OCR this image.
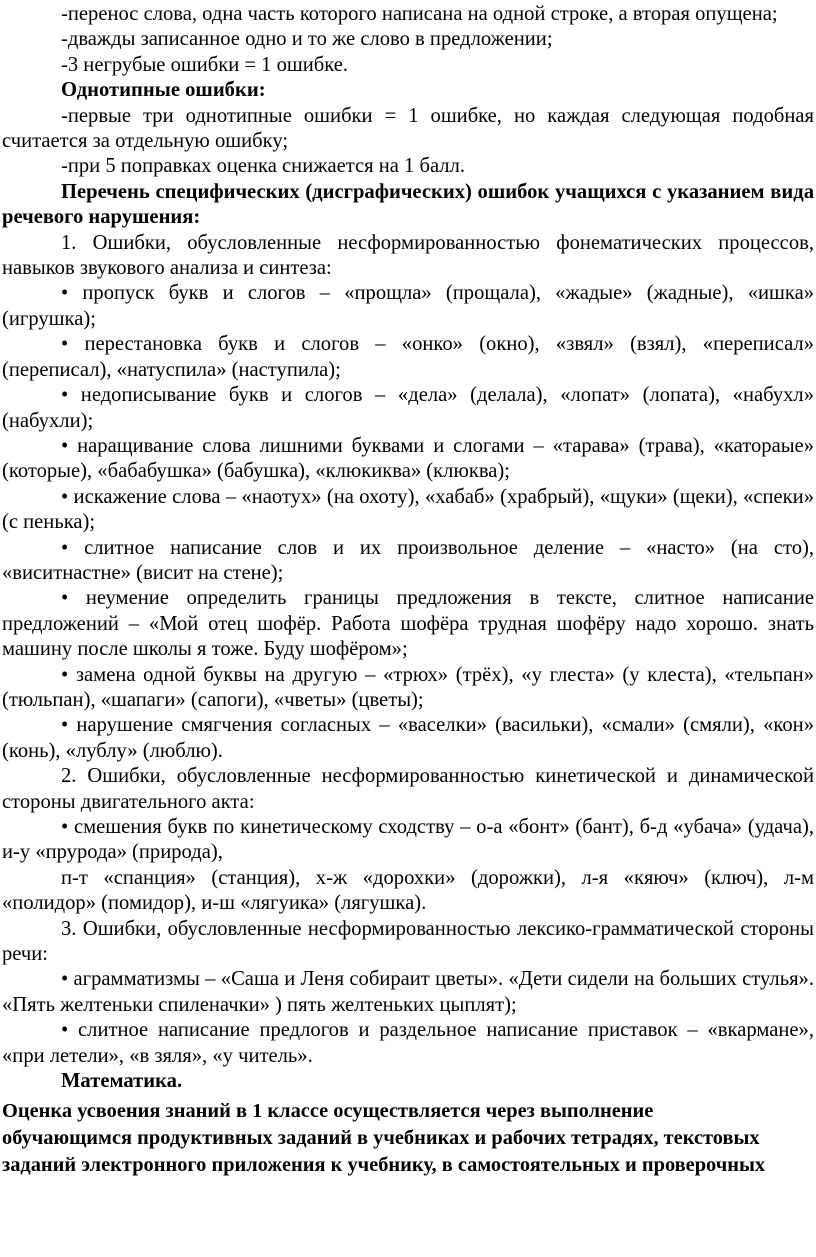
-перенос слова, одна часть которого написана на одной строке, а вторая опущена;

-дважды записанное одно и то же слово в предложении;

-3 негрубые ошибки = 1 ошибке.

Однотипные ошибки:

-первые три однотипные ошибки = 1 ошибке, но каждая следующая подобная считается за отдельную ошибку;

-при 5 поправках оценка снижается на 1 балл.

Перечень специфических (дисграфических) ошибок учащихся с указанием вида речевого нарушения:

1. Ошибки, обусловленные несформированностью фонематических процессов, навыков звукового анализа и синтеза:

• пропуск букв и слогов – «прощла» (прощала), «жадые» (жадные), «ишка» (игрушка);

• перестановка букв и слогов – «онко» (окно), «звял» (взял), «переписал» (переписал), «натуспила» (наступила);

• недописывание букв и слогов – «дела» (делала), «лопат» (лопата), «набухл» (набухли);

• наращивание слова лишними буквами и слогами – «тарава» (трава), «катораые» (которые), «бабабушка» (бабушка), «клюкиква» (клюква);

• искажение слова – «наотух» (на охоту), «хабаб» (храбрый), «щуки» (щеки), «спеки» (с пенька);

• слитное написание слов и их произвольное деление – «насто» (на сто), «виситнастне» (висит на стене);

• неумение определить границы предложения в тексте, слитное написание предложений – «Мой отец шофёр. Работа шофёра трудная шофёру надо хорошо. знать машину после школы я тоже. Буду шофёром»;

• замена одной буквы на другую – «трюх» (трёх), «у глеста» (у клеста), «тельпан» (тюльпан), «шапаги» (сапоги), «чветы» (цветы);

• нарушение смягчения согласных – «васелки» (васильки), «смали» (смяли), «кон» (конь), «лублу» (люблю).

2. Ошибки, обусловленные несформированностью кинетической и динамической стороны двигательного акта:

• смешения букв по кинетическому сходству – о-а «бонт» (бант), б-д «убача» (удача), и-у «прурода» (природа),

п-т «спанция» (станция), х-ж «дорохки» (дорожки), л-я «кяюч» (ключ), л-м «полидор» (помидор), и-ш «лягуика» (лягушка).

3. Ошибки, обусловленные несформированностью лексико-грамматической стороны речи:

• аграмматизмы – «Саша и Леня собираит цветы». «Дети сидели на больших стулья». «Пять желтеньки спиленачки» ) пять желтеньких цыплят);

• слитное написание предлогов и раздельное написание приставок – «вкармане», «при летели», «в зяля», «у читель».

Математика.

Оценка усвоения знаний в 1 классе осуществляется через выполнение
обучающимся продуктивных заданий в учебниках и рабочих тетрадях, текстовых
заданий электронного приложения к учебнику, в самостоятельных и проверочных
